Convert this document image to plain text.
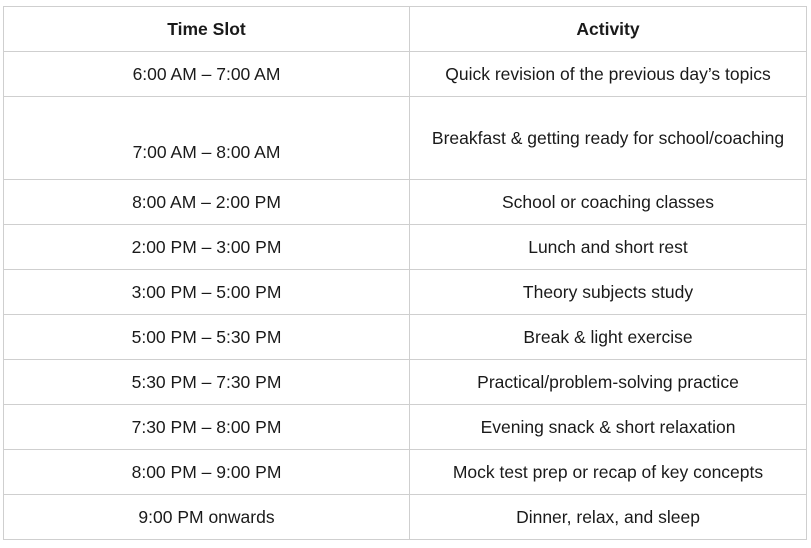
Time Slot	Activity
6:00 AM – 7:00 AM	Quick revision of the previous day’s topics
7:00 AM – 8:00 AM	Breakfast & getting ready for school/coaching
8:00 AM – 2:00 PM	School or coaching classes
2:00 PM – 3:00 PM	Lunch and short rest
3:00 PM – 5:00 PM	Theory subjects study
5:00 PM – 5:30 PM	Break & light exercise
5:30 PM – 7:30 PM	Practical/problem-solving practice
7:30 PM – 8:00 PM	Evening snack & short relaxation
8:00 PM – 9:00 PM	Mock test prep or recap of key concepts
9:00 PM onwards	Dinner, relax, and sleep
